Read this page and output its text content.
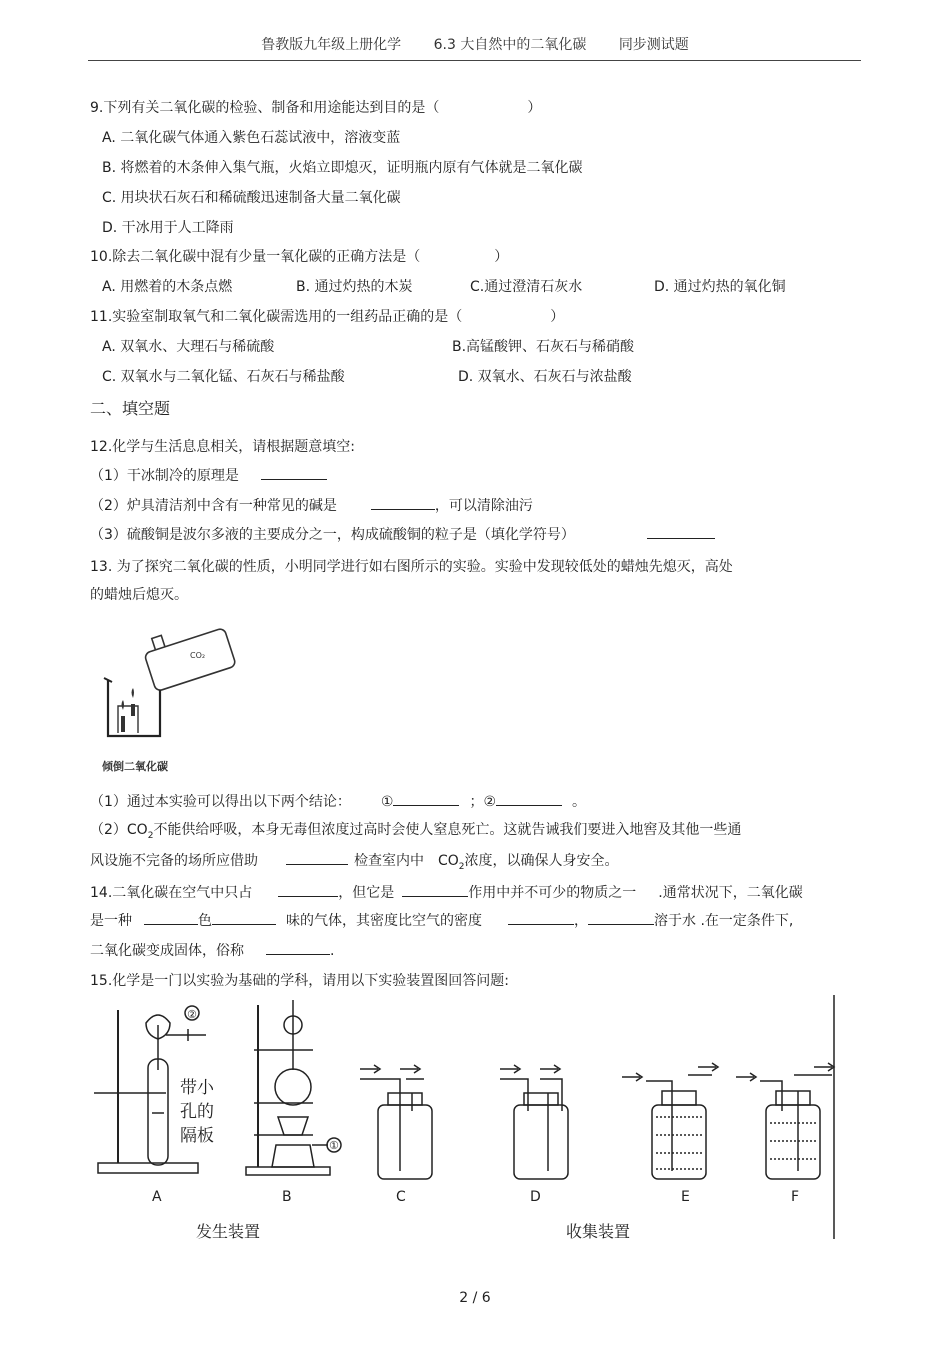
鲁教版九年级上册化学 6.3 大自然中的二氧化碳 同步测试题
9.下列有关二氧化碳的检验、制备和用途能达到目的是（	）
A. 二氧化碳气体通入紫色石蕊试液中，溶液变蓝
B. 将燃着的木条伸入集气瓶，火焰立即熄灭，证明瓶内原有气体就是二氧化碳
C. 用块状石灰石和稀硫酸迅速制备大量二氧化碳
D. 干冰用于人工降雨
10.除去二氧化碳中混有少量一氧化碳的正确方法是（	）
A. 用燃着的木条点燃	B. 通过灼热的木炭	C.通过澄清石灰水	D. 通过灼热的氧化铜
11.实验室制取氧气和二氧化碳需选用的一组药品正确的是（	）
A. 双氧水、大理石与稀硫酸	B.高锰酸钾、石灰石与稀硝酸
C. 双氧水与二氧化锰、石灰石与稀盐酸	D. 双氧水、石灰石与浓盐酸
二、填空题
12.化学与生活息息相关，请根据题意填空:
（1）干冰制冷的原理是
（2）炉具清洁剂中含有一种常见的碱是	，可以清除油污
（3）硫酸铜是波尔多液的主要成分之一，构成硫酸铜的粒子是（填化学符号）
13. 为了探究二氧化碳的性质，小明同学进行如右图所示的实验。实验中发现较低处的蜡烛先熄灭，高处
的蜡烛后熄灭。
CO₂
倾倒二氧化碳
（1）通过本实验可以得出以下两个结论： ①	；②	。
$(2)CO_2$不能供给呼吸，本身无毒但浓度过高时会使人窒息死亡。这就告诫我们要进入地窖及其他一些通
风设施不完备的场所应借助	检查室内中 $CO_2$浓度，以确保人身安全。
14.二氧化碳在空气中只占	，但它是	作用中并不可少的物质之一 .通常状况下，二氧化碳
是一种	色	味的气体，其密度比空气的密度	，	溶于水 .在一定条件下,
二氧化碳变成固体，俗称	.
15.化学是一门以实验为基础的学科，请用以下实验装置图回答问题:
②
①
带小
孔的
隔板
A	B	C	D	E	F
发生装置	收集装置
2 / 6
